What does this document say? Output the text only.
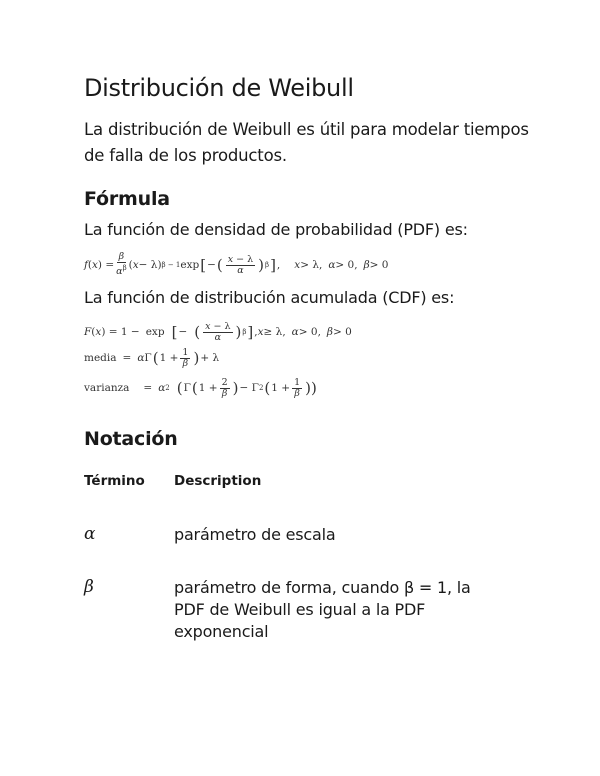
Distribución de Weibull

La distribución de Weibull es útil para modelar tiempos de falla de los productos.

Fórmula

La función de densidad de probabilidad (PDF) es:

f ( x ) = $\frac{\beta}{\alpha^\beta}$ ( x − λ) β − 1 exp [ − ( $\frac{x - \lambda}{\alpha}$ ) β ] , x > λ, α > 0, β > 0

La función de distribución acumulada (CDF) es:

F ( x ) = 1 − exp [ − ( $\frac{x - \lambda}{\alpha}$ ) β ] , x ≥ λ, α > 0, β > 0
media = α Γ ( $1 + \frac{1}{\beta}$ ) + λ
varianza = α 2 ( Γ ( $1 + \frac{2}{\beta}$ ) − Γ 2 ( $1 + \frac{1}{\beta}$ ))
Notación
Término Description
α	parámetro de escala

β	parámetro de forma, cuando β = 1, la PDF de Weibull es igual a la PDF exponencial
